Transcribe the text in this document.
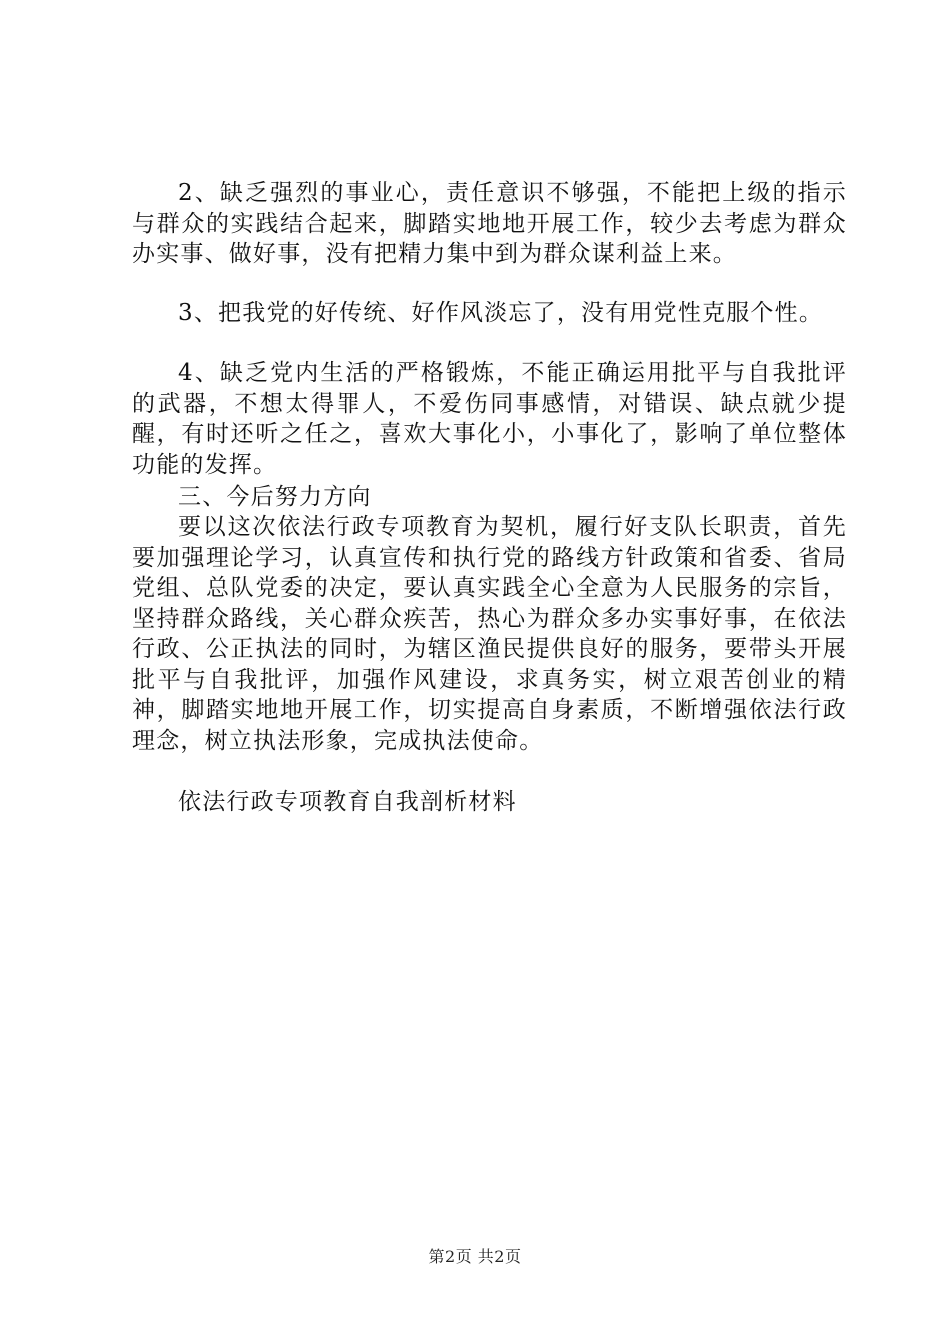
2、缺乏强烈的事业心，责任意识不够强，不能把上级的指示与群众的实践结合起来，脚踏实地地开展工作，较少去考虑为群众办实事、做好事，没有把精力集中到为群众谋利益上来。

3、把我党的好传统、好作风淡忘了，没有用党性克服个性。

4、缺乏党内生活的严格锻炼，不能正确运用批平与自我批评的武器，不想太得罪人，不爱伤同事感情，对错误、缺点就少提醒，有时还听之任之，喜欢大事化小，小事化了，影响了单位整体功能的发挥。

三、今后努力方向

要以这次依法行政专项教育为契机，履行好支队长职责，首先要加强理论学习，认真宣传和执行党的路线方针政策和省委、省局党组、总队党委的决定，要认真实践全心全意为人民服务的宗旨，坚持群众路线，关心群众疾苦，热心为群众多办实事好事，在依法行政、公正执法的同时，为辖区渔民提供良好的服务，要带头开展批平与自我批评，加强作风建设，求真务实，树立艰苦创业的精神，脚踏实地地开展工作，切实提高自身素质，不断增强依法行政理念，树立执法形象，完成执法使命。

依法行政专项教育自我剖析材料

第2页 共2页
